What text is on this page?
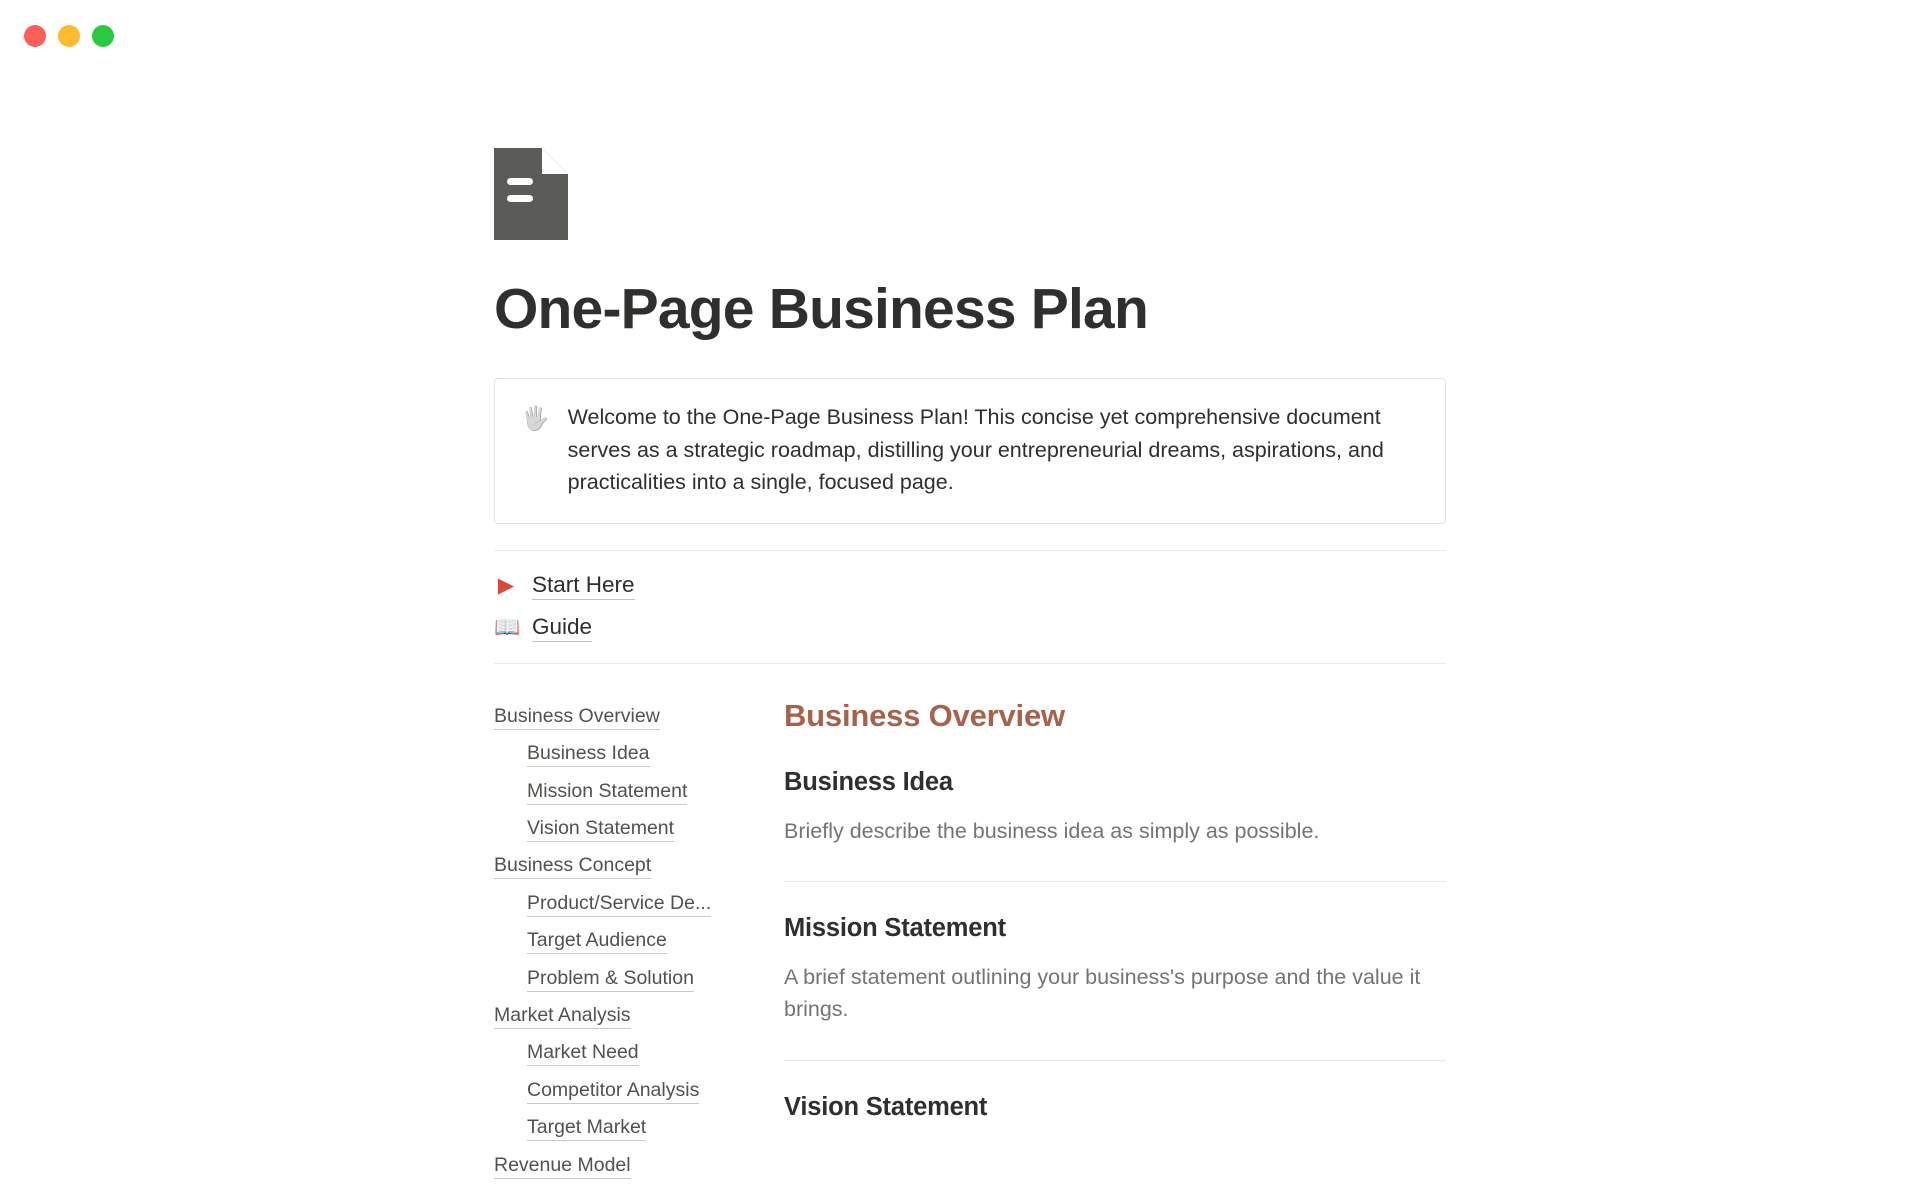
One-Page Business Plan
🖐 Welcome to the One-Page Business Plan! This concise yet comprehensive document serves as a strategic roadmap, distilling your entrepreneurial dreams, aspirations, and practicalities into a single, focused page.
▶ Start Here
📖 Guide
Business Overview
Business Idea
Mission Statement
Vision Statement
Business Concept
Product/Service De...
Target Audience
Problem & Solution
Market Analysis
Market Need
Competitor Analysis
Target Market
Revenue Model
Business Overview
Business Idea

Briefly describe the business idea as simply as possible.

Mission Statement

A brief statement outlining your business's purpose and the value it brings.

Vision Statement
